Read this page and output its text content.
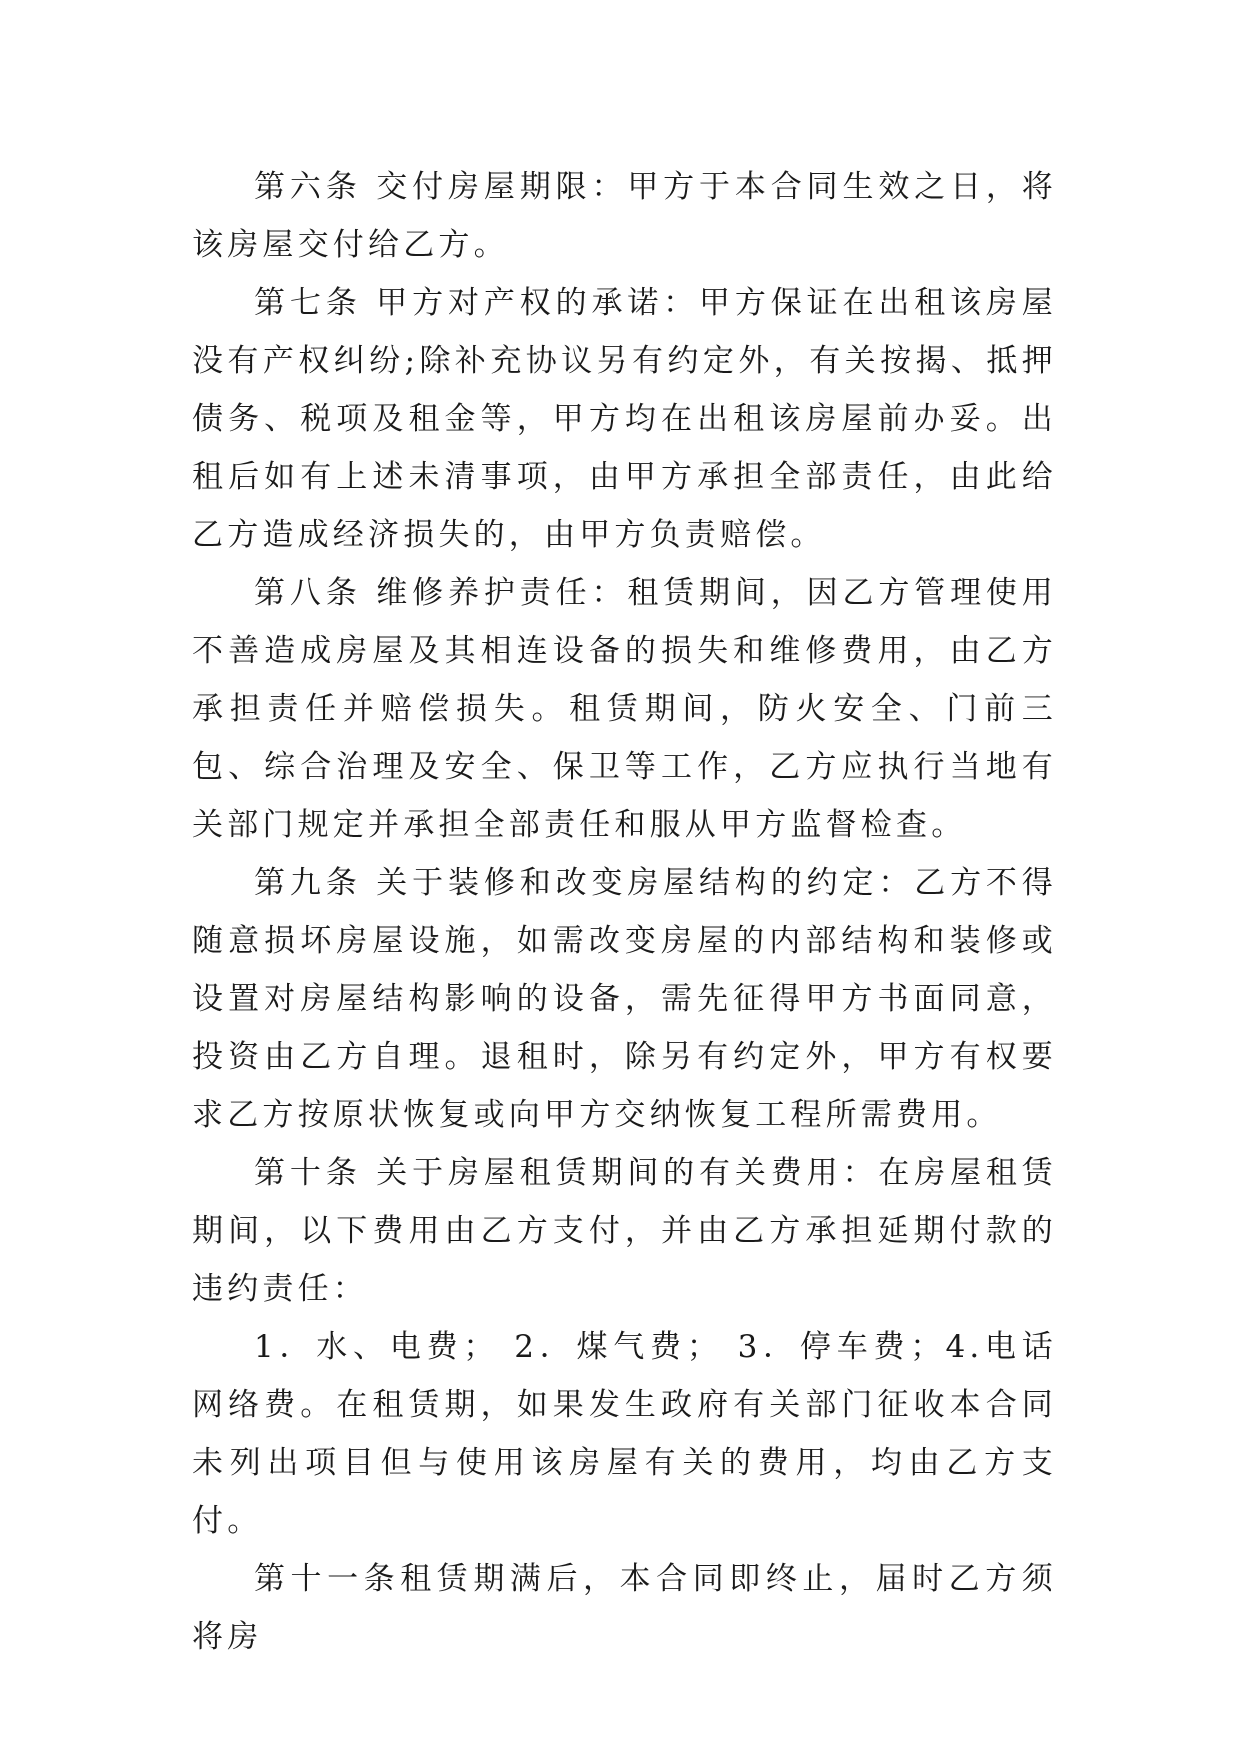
第六条 交付房屋期限：甲方于本合同生效之日，将该房屋交付给乙方。

第七条 甲方对产权的承诺：甲方保证在出租该房屋没有产权纠纷;除补充协议另有约定外，有关按揭、抵押债务、税项及租金等，甲方均在出租该房屋前办妥。出租后如有上述未清事项，由甲方承担全部责任，由此给乙方造成经济损失的，由甲方负责赔偿。

第八条 维修养护责任：租赁期间，因乙方管理使用不善造成房屋及其相连设备的损失和维修费用，由乙方承担责任并赔偿损失。租赁期间，防火安全、门前三包、综合治理及安全、保卫等工作，乙方应执行当地有关部门规定并承担全部责任和服从甲方监督检查。

第九条 关于装修和改变房屋结构的约定：乙方不得随意损坏房屋设施，如需改变房屋的内部结构和装修或设置对房屋结构影响的设备，需先征得甲方书面同意，投资由乙方自理。退租时，除另有约定外，甲方有权要求乙方按原状恢复或向甲方交纳恢复工程所需费用。

第十条 关于房屋租赁期间的有关费用：在房屋租赁期间，以下费用由乙方支付，并由乙方承担延期付款的违约责任：

1．水、电费； 2．煤气费； 3．停车费；4.电话网络费。在租赁期，如果发生政府有关部门征收本合同未列出项目但与使用该房屋有关的费用，均由乙方支付。

第十一条租赁期满后，本合同即终止，届时乙方须将房
